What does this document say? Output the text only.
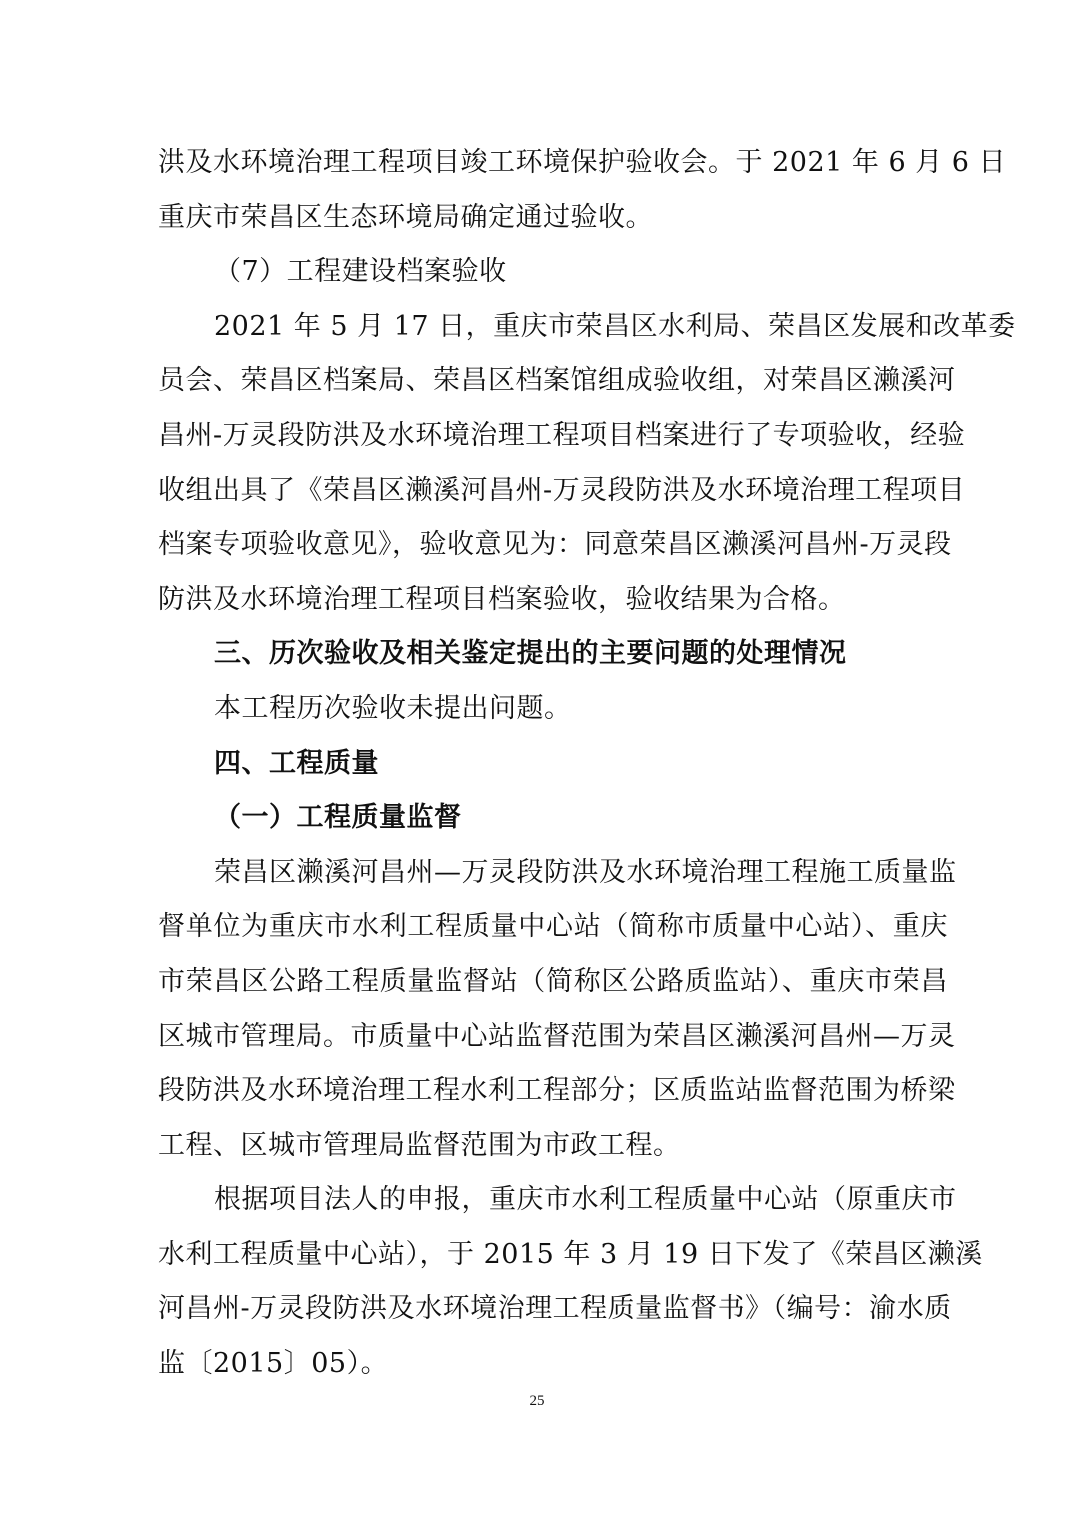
洪及水环境治理工程项目竣工环境保护验收会。于 2021 年 6 月 6 日
重庆市荣昌区生态环境局确定通过验收。
（7）工程建设档案验收
2021 年 5 月 17 日，重庆市荣昌区水利局、荣昌区发展和改革委
员会、荣昌区档案局、荣昌区档案馆组成验收组，对荣昌区濑溪河
昌州-万灵段防洪及水环境治理工程项目档案进行了专项验收，经验
收组出具了《荣昌区濑溪河昌州-万灵段防洪及水环境治理工程项目
档案专项验收意见》，验收意见为：同意荣昌区濑溪河昌州-万灵段
防洪及水环境治理工程项目档案验收，验收结果为合格。
三、历次验收及相关鉴定提出的主要问题的处理情况
本工程历次验收未提出问题。
四、工程质量
（一）工程质量监督
荣昌区濑溪河昌州—万灵段防洪及水环境治理工程施工质量监
督单位为重庆市水利工程质量中心站（简称市质量中心站）、重庆
市荣昌区公路工程质量监督站（简称区公路质监站）、重庆市荣昌
区城市管理局。市质量中心站监督范围为荣昌区濑溪河昌州—万灵
段防洪及水环境治理工程水利工程部分；区质监站监督范围为桥梁
工程、区城市管理局监督范围为市政工程。
根据项目法人的申报，重庆市水利工程质量中心站（原重庆市
水利工程质量中心站），于 2015 年 3 月 19 日下发了《荣昌区濑溪
河昌州-万灵段防洪及水环境治理工程质量监督书》（编号：渝水质
监〔2015〕05）。
25
